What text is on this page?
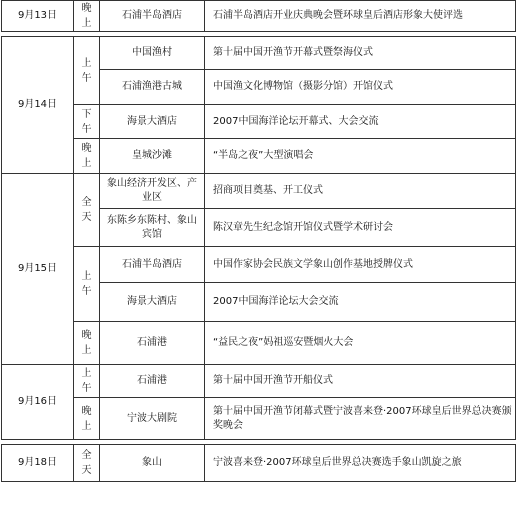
9月13日	晚上	石浦半岛酒店	石浦半岛酒店开业庆典晚会暨环球皇后酒店形象大使评选

9月14日	上午	中国渔村	第十届中国开渔节开幕式暨祭海仪式
		石浦渔港古城	中国渔文化博物馆（摄影分馆）开馆仪式
	下午	海景大酒店	2007中国海洋论坛开幕式、大会交流
	晚上	皇城沙滩	“半岛之夜”大型演唱会
9月15日	全天	象山经济开发区、产业区	招商项目奠基、开工仪式
		东陈乡东陈村、象山宾馆	陈汉章先生纪念馆开馆仪式暨学术研讨会
	上午	石浦半岛酒店	中国作家协会民族文学象山创作基地授牌仪式
		海景大酒店	2007中国海洋论坛大会交流
	晚上	石浦港	“益民之夜”妈祖巡安暨烟火大会
9月16日	上午	石浦港	第十届中国开渔节开船仪式
	晚上	宁波大剧院	第十届中国开渔节闭幕式暨宁波喜来登·2007环球皇后世界总决赛颁奖晚会

9月18日	全天	象山	宁波喜来登·2007环球皇后世界总决赛选手象山凯旋之旅
